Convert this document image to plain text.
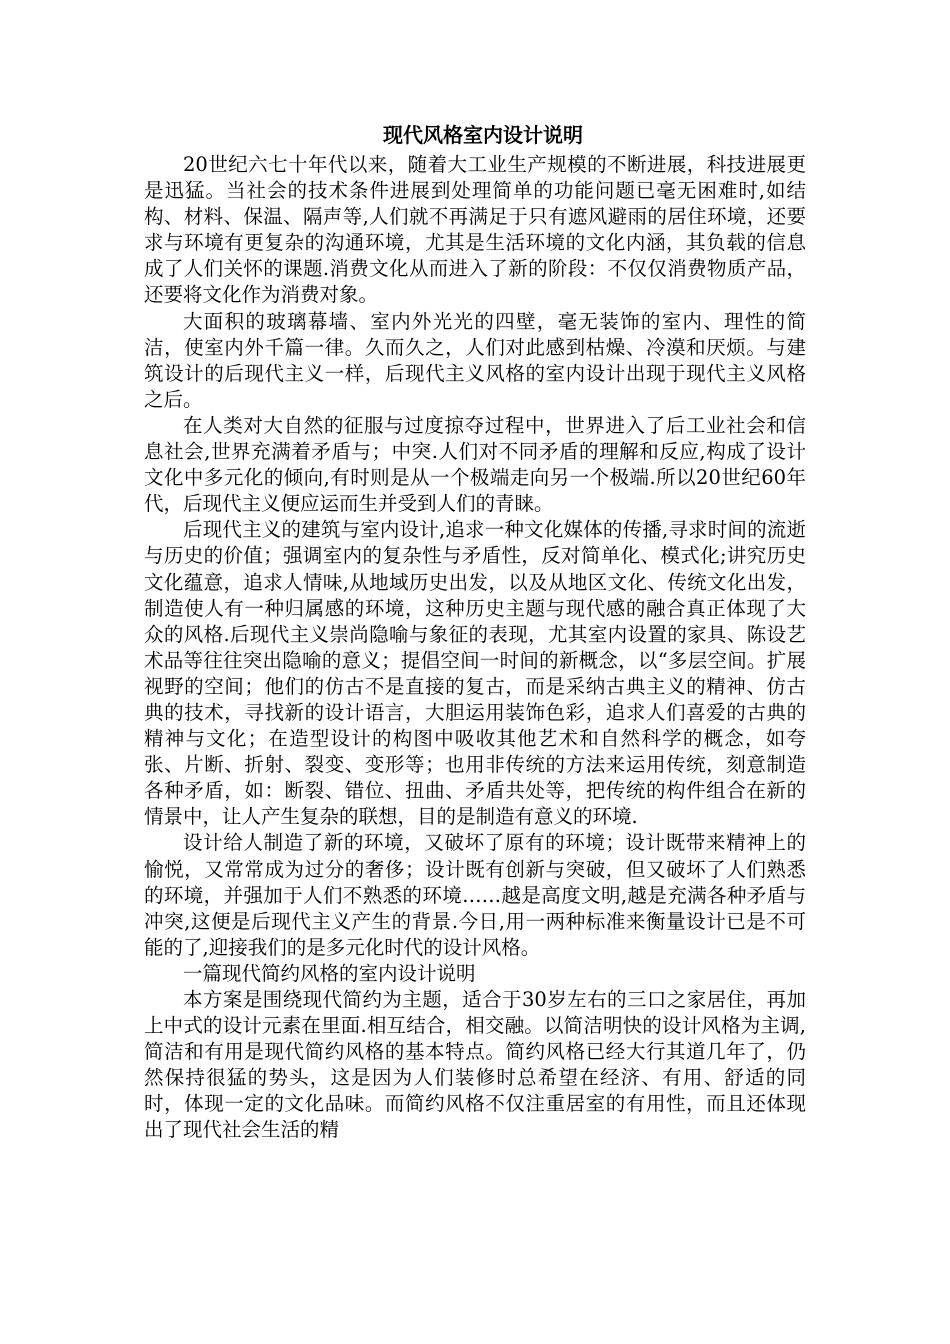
现代风格室内设计说明

20世纪六七十年代以来，随着大工业生产规模的不断进展，科技进展更是迅猛。当社会的技术条件进展到处理简单的功能问题已毫无困难时,如结构、材料、保温、隔声等,人们就不再满足于只有遮风避雨的居住环境，还要求与环境有更复杂的沟通环境，尤其是生活环境的文化内涵，其负载的信息成了人们关怀的课题.消费文化从而进入了新的阶段：不仅仅消费物质产品，还要将文化作为消费对象。

大面积的玻璃幕墙、室内外光光的四壁，毫无装饰的室内、理性的简洁，使室内外千篇一律。久而久之，人们对此感到枯燥、冷漠和厌烦。与建筑设计的后现代主义一样，后现代主义风格的室内设计出现于现代主义风格之后。

在人类对大自然的征服与过度掠夺过程中，世界进入了后工业社会和信息社会,世界充满着矛盾与；中突.人们对不同矛盾的理解和反应,构成了设计文化中多元化的倾向,有时则是从一个极端走向另一个极端.所以20世纪60年代，后现代主义便应运而生并受到人们的青睐。

后现代主义的建筑与室内设计,追求一种文化媒体的传播,寻求时间的流逝与历史的价值；强调室内的复杂性与矛盾性，反对简单化、模式化;讲究历史文化蕴意，追求人情味,从地域历史出发，以及从地区文化、传统文化出发，制造使人有一种归属感的环境，这种历史主题与现代感的融合真正体现了大众的风格.后现代主义崇尚隐喻与象征的表现，尤其室内设置的家具、陈设艺术品等往往突出隐喻的意义；提倡空间一时间的新概念，以“多层空间。扩展视野的空间；他们的仿古不是直接的复古，而是采纳古典主义的精神、仿古典的技术，寻找新的设计语言，大胆运用装饰色彩，追求人们喜爱的古典的精神与文化；在造型设计的构图中吸收其他艺术和自然科学的概念，如夸张、片断、折射、裂变、变形等；也用非传统的方法来运用传统，刻意制造各种矛盾，如：断裂、错位、扭曲、矛盾共处等，把传统的构件组合在新的情景中，让人产生复杂的联想，目的是制造有意义的环境.

设计给人制造了新的环境，又破坏了原有的环境；设计既带来精神上的愉悦，又常常成为过分的奢侈；设计既有创新与突破，但又破坏了人们熟悉的环境，并强加于人们不熟悉的环境……越是高度文明,越是充满各种矛盾与冲突,这便是后现代主义产生的背景.今日,用一两种标准来衡量设计已是不可能的了,迎接我们的是多元化时代的设计风格。

一篇现代简约风格的室内设计说明

本方案是围绕现代简约为主题，适合于30岁左右的三口之家居住，再加上中式的设计元素在里面.相互结合，相交融。以简洁明快的设计风格为主调,简洁和有用是现代简约风格的基本特点。简约风格已经大行其道几年了，仍然保持很猛的势头，这是因为人们装修时总希望在经济、有用、舒适的同时，体现一定的文化品味。而简约风格不仅注重居室的有用性，而且还体现出了现代社会生活的精
